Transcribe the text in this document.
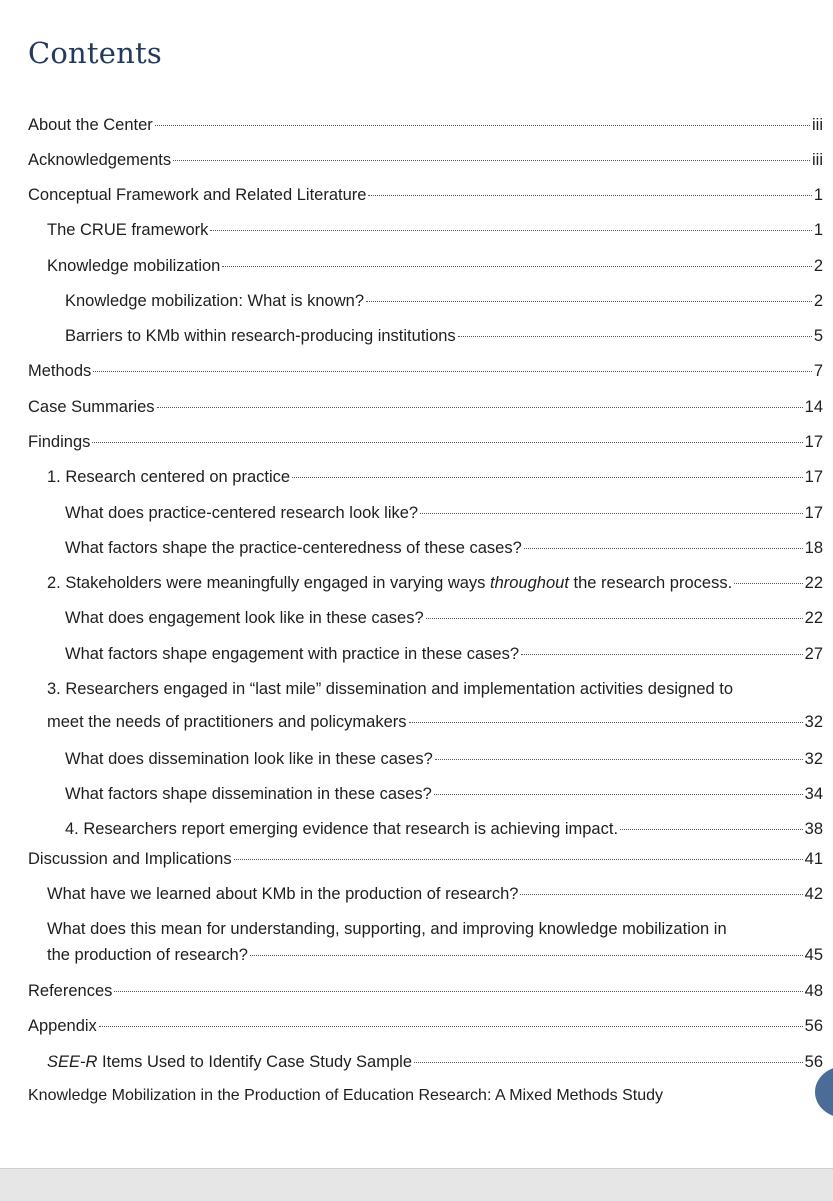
Contents
About the Center	iii
Acknowledgements	iii
Conceptual Framework and Related Literature	1
The CRUE framework	1
Knowledge mobilization	2
Knowledge mobilization: What is known?	2
Barriers to KMb within research-producing institutions	5
Methods	7
Case Summaries	14
Findings	17
1. Research centered on practice	17
What does practice-centered research look like?	17
What factors shape the practice-centeredness of these cases?	18
2. Stakeholders were meaningfully engaged in varying ways throughout the research process.	22
What does engagement look like in these cases?	22
What factors shape engagement with practice in these cases?	27
3. Researchers engaged in “last mile” dissemination and implementation activities designed to
meet the needs of practitioners and policymakers	32
What does dissemination look like in these cases?	32
What factors shape dissemination in these cases?	34
4. Researchers report emerging evidence that research is achieving impact.	38
Discussion and Implications	41
What have we learned about KMb in the production of research?	42
What does this mean for understanding, supporting, and improving knowledge mobilization in
the production of research?	45
References	48
Appendix	56
SEE-R Items Used to Identify Case Study Sample	56
Knowledge Mobilization in the Production of Education Research: A Mixed Methods Study
